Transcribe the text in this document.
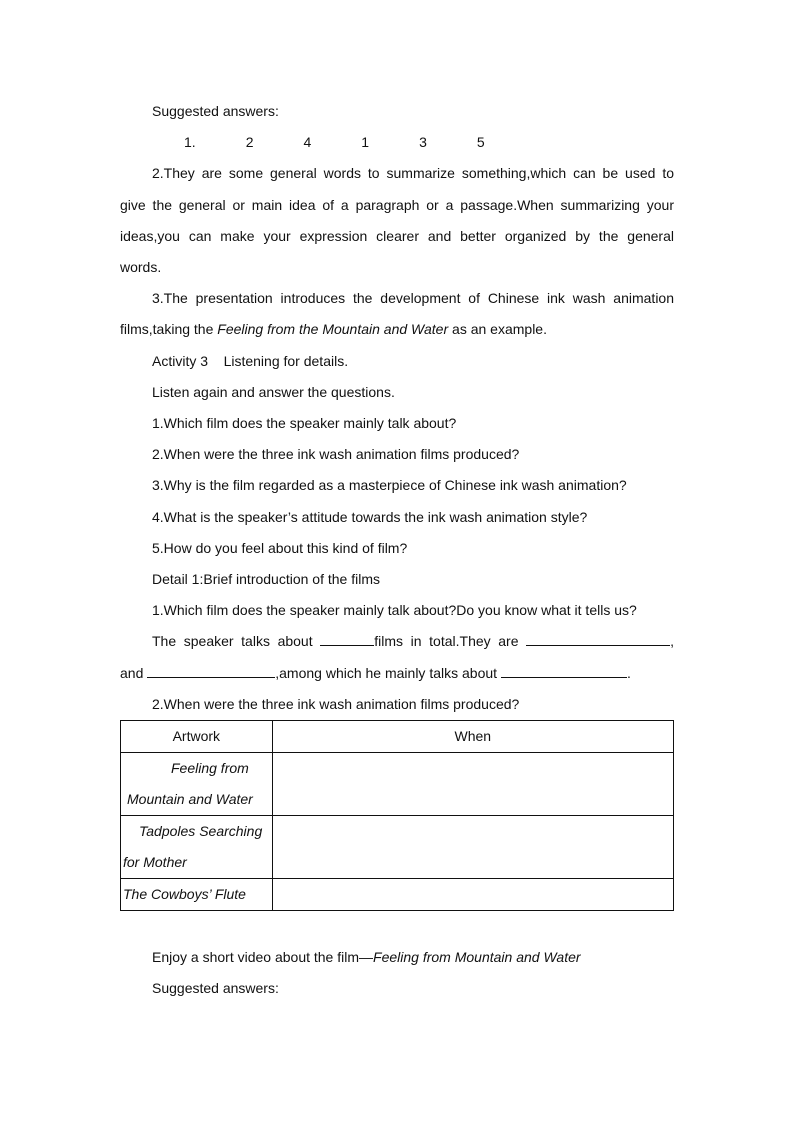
Suggested answers:

1.	2	4	1	3	5

2.They are some general words to summarize something,which can be used to

give the general or main idea of a paragraph or a passage.When summarizing your

ideas,you can make your expression clearer and better organized by the general

words.

3.The presentation introduces the development of Chinese ink wash animation

films,taking the Feeling from the Mountain and Water as an example.

Activity 3    Listening for details.

Listen again and answer the questions.

1.Which film does the speaker mainly talk about?

2.When were the three ink wash animation films produced?

3.Why is the film regarded as a masterpiece of Chinese ink wash animation?

4.What is the speaker’s attitude towards the ink wash animation style?

5.How do you feel about this kind of film?

Detail 1:Brief introduction of the films

1.Which film does the speaker mainly talk about?Do you know what it tells us?

The speaker talks about	films in total.They are	,

and	,among which he mainly talks about	.

2.When were the three ink wash animation films produced?

Artwork	When

Feeling from
Mountain and Water	

Tadpoles Searching
for Mother	

The Cowboys’ Flute	

Enjoy a short video about the film—Feeling from Mountain and Water

Suggested answers:
